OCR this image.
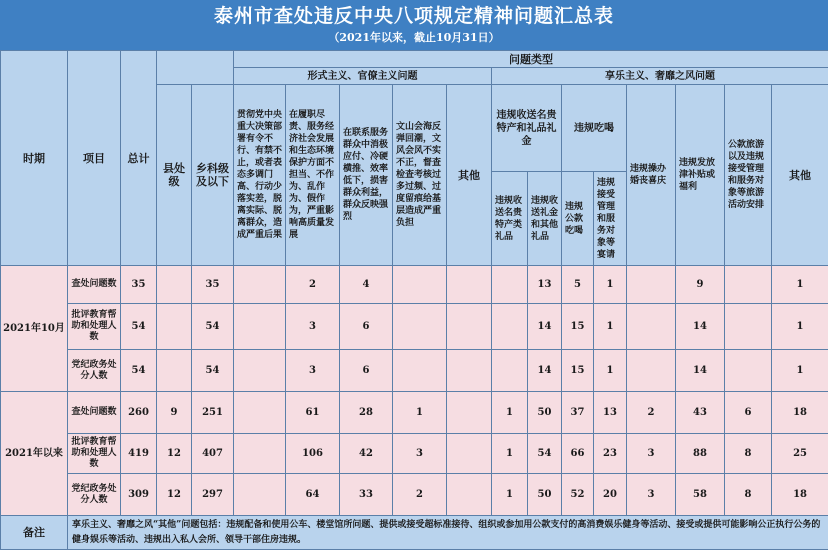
泰州市查处违反中央八项规定精神问题汇总表
（2021年以来，截止10月31日）
时期	项目	总计			问题类型												
					形式主义、官僚主义问题					享乐主义、奢靡之风问题							
			县处级	乡科级及以下	贯彻党中央重大决策部署有令不行、有禁不止，或者表态多调门高、行动少落实差，脱离实际、脱离群众，造成严重后果	在履职尽责、服务经济社会发展和生态环境保护方面不担当、不作为、乱作为、假作为，严重影响高质量发展	在联系服务群众中消极应付、冷硬横推、效率低下，损害群众利益，群众反映强烈	文山会海反弹回潮，文风会风不实不正，督查检查考核过多过频、过度留痕给基层造成严重负担	其他	违规收送名贵特产和礼品礼金		违规吃喝		违规操办婚丧喜庆	违规发放津补贴或福利	公款旅游以及违规接受管理和服务对象等旅游活动安排	其他
										违规收送名贵特产类礼品	违规收送礼金和其他礼品	违规公款吃喝	违规接受管理和服务对象等宴请				
2021年10月	查处问题数	35		35		2	4				13	5	1		9		1
	批评教育帮助和处理人数	54		54		3	6				14	15	1		14		1
	党纪政务处分人数	54		54		3	6				14	15	1		14		1
2021年以来	查处问题数	260	9	251		61	28	1		1	50	37	13	2	43	6	18
	批评教育帮助和处理人数	419	12	407		106	42	3		1	54	66	23	3	88	8	25
	党纪政务处分人数	309	12	297		64	33	2		1	50	52	20	3	58	8	18
备注	享乐主义、奢靡之风“其他”问题包括：违规配备和使用公车、楼堂馆所问题、提供或接受超标准接待、组织或参加用公款支付的高消费娱乐健身等活动、接受或提供可能影响公正执行公务的健身娱乐等活动、违规出入私人会所、领导干部住房违规。																
